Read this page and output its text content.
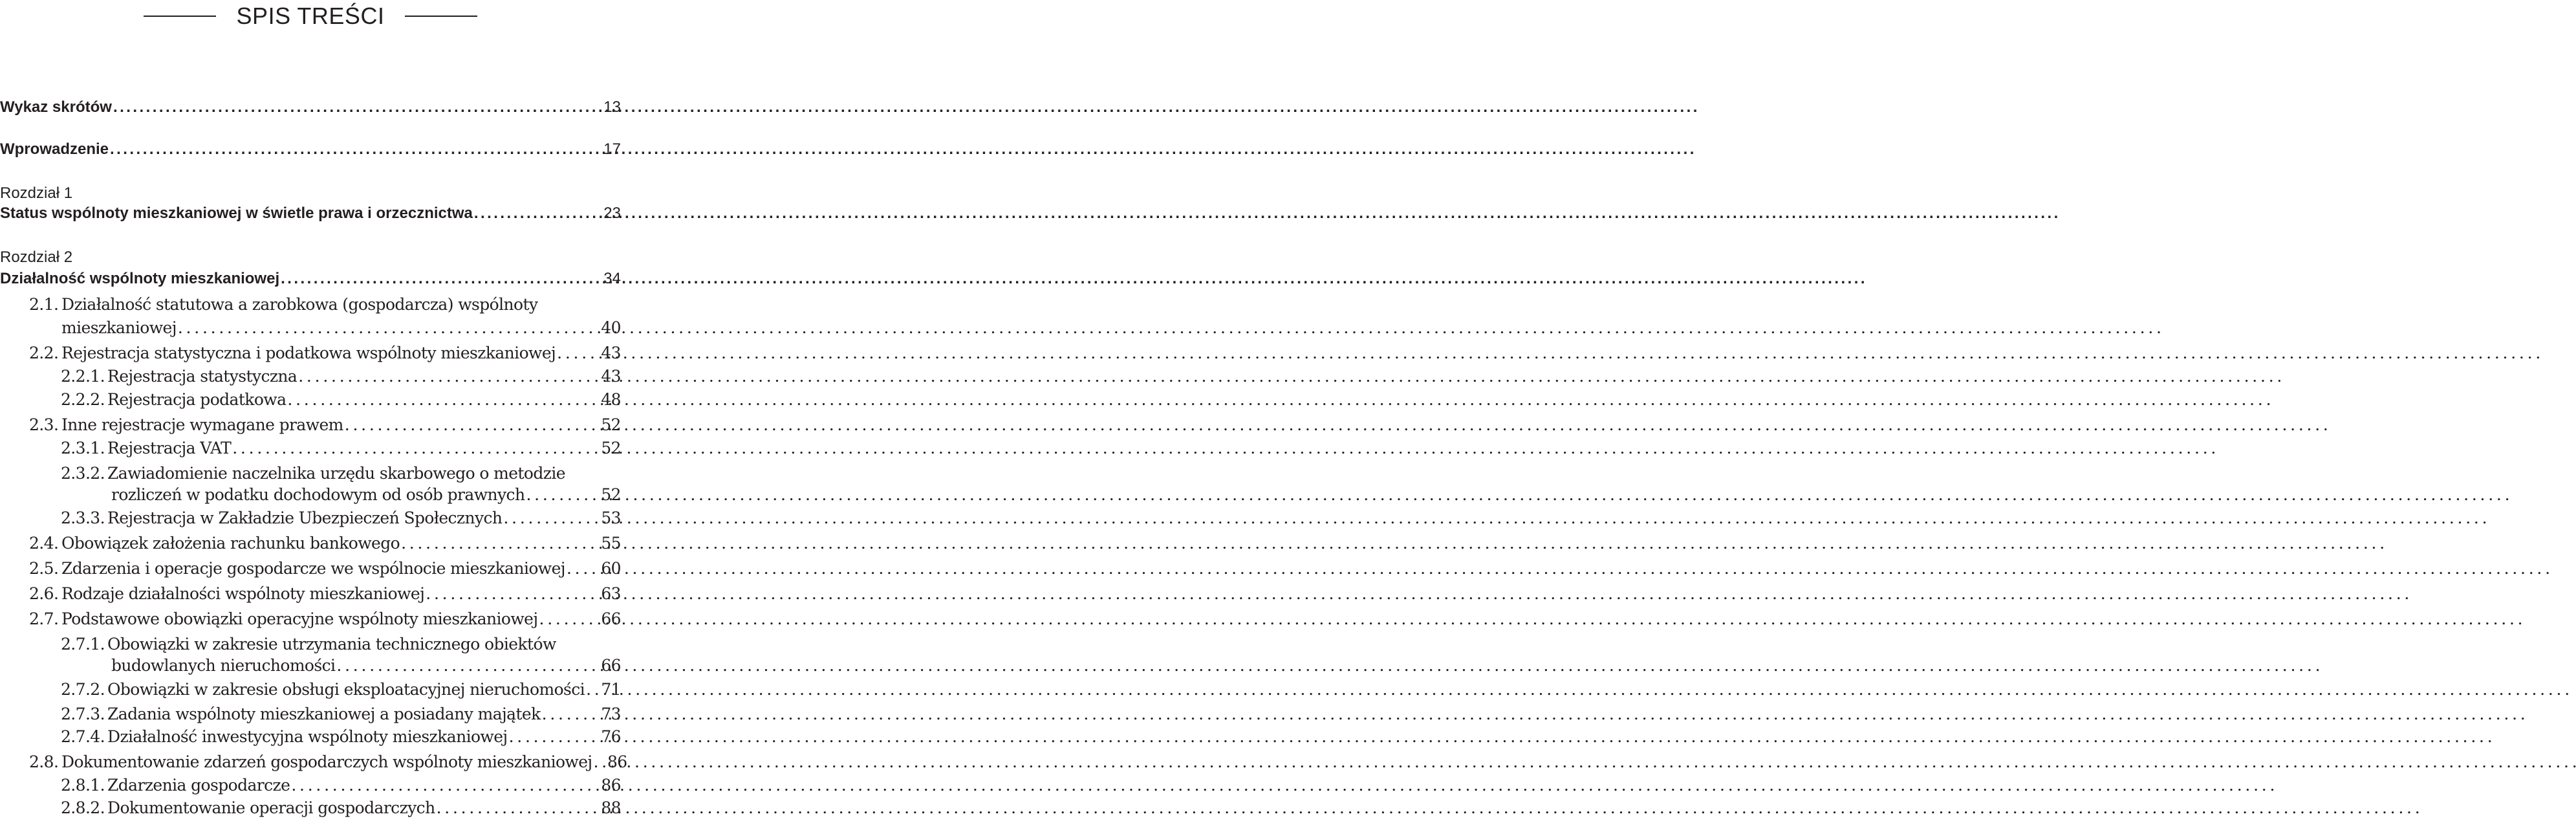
SPIS TREŚCI
Wykaz skrótów . . .	13
Wprowadzenie . . .	17
Rozdział 1
Status wspólnoty mieszkaniowej w świetle prawa i orzecznictwa . . .	23
Rozdział 2
Działalność wspólnoty mieszkaniowej . . .	34
2.1. Działalność statutowa a zarobkowa (gospodarcza) wspólnoty
mieszkaniowej . . .	40
2.2. Rejestracja statystyczna i podatkowa wspólnoty mieszkaniowej . . .	43
2.2.1. Rejestracja statystyczna . . .	43
2.2.2. Rejestracja podatkowa . . .	48
2.3. Inne rejestracje wymagane prawem . . .	52
2.3.1. Rejestracja VAT . . .	52
2.3.2. Zawiadomienie naczelnika urzędu skarbowego o metodzie
rozliczeń w podatku dochodowym od osób prawnych . . .	52
2.3.3. Rejestracja w Zakładzie Ubezpieczeń Społecznych . . .	53
2.4. Obowiązek założenia rachunku bankowego . . .	55
2.5. Zdarzenia i operacje gospodarcze we wspólnocie mieszkaniowej . . .	60
2.6. Rodzaje działalności wspólnoty mieszkaniowej . . .	63
2.7. Podstawowe obowiązki operacyjne wspólnoty mieszkaniowej . . .	66
2.7.1. Obowiązki w zakresie utrzymania technicznego obiektów
budowlanych nieruchomości . . .	66
2.7.2. Obowiązki w zakresie obsługi eksploatacyjnej nieruchomości . . .	71
2.7.3. Zadania wspólnoty mieszkaniowej a posiadany majątek . . .	73
2.7.4. Działalność inwestycyjna wspólnoty mieszkaniowej . . .	76
2.8. Dokumentowanie zdarzeń gospodarczych wspólnoty mieszkaniowej . . . 86
2.8.1. Zdarzenia gospodarcze . . .	86
2.8.2. Dokumentowanie operacji gospodarczych . . .	88
